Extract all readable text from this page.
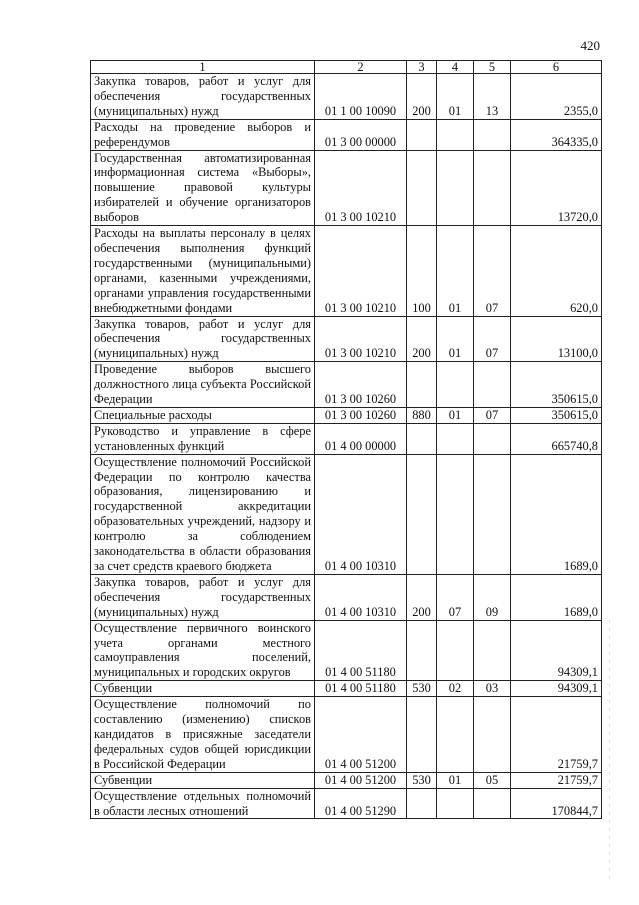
420
1	2	3	4	5	6
Закупка товаров, работ и услуг для обеспечения государственных (муниципальных) нужд	01 1 00 10090	200	01	13	2355,0
Расходы на проведение выборов и референдумов	01 3 00 00000				364335,0
Государственная автоматизированная информационная система «Выборы», повышение правовой культуры избирателей и обучение организаторов выборов	01 3 00 10210				13720,0
Расходы на выплаты персоналу в целях обеспечения выполнения функций государственными (муниципальными) органами, казенными учреждениями, органами управления государственными внебюджетными фондами	01 3 00 10210	100	01	07	620,0
Закупка товаров, работ и услуг для обеспечения государственных (муниципальных) нужд	01 3 00 10210	200	01	07	13100,0
Проведение выборов высшего должностного лица субъекта Российской Федерации	01 3 00 10260				350615,0
Специальные расходы	01 3 00 10260	880	01	07	350615,0
Руководство и управление в сфере установленных функций	01 4 00 00000				665740,8
Осуществление полномочий Российской Федерации по контролю качества образования, лицензированию и государственной аккредитации образовательных учреждений, надзору и контролю за соблюдением законодательства в области образования за счет средств краевого бюджета	01 4 00 10310				1689,0
Закупка товаров, работ и услуг для обеспечения государственных (муниципальных) нужд	01 4 00 10310	200	07	09	1689,0
Осуществление первичного воинского учета органами местного самоуправления поселений, муниципальных и городских округов	01 4 00 51180				94309,1
Субвенции	01 4 00 51180	530	02	03	94309,1
Осуществление полномочий по составлению (изменению) списков кандидатов в присяжные заседатели федеральных судов общей юрисдикции в Российской Федерации	01 4 00 51200				21759,7
Субвенции	01 4 00 51200	530	01	05	21759,7
Осуществление отдельных полномочий в области лесных отношений	01 4 00 51290				170844,7
